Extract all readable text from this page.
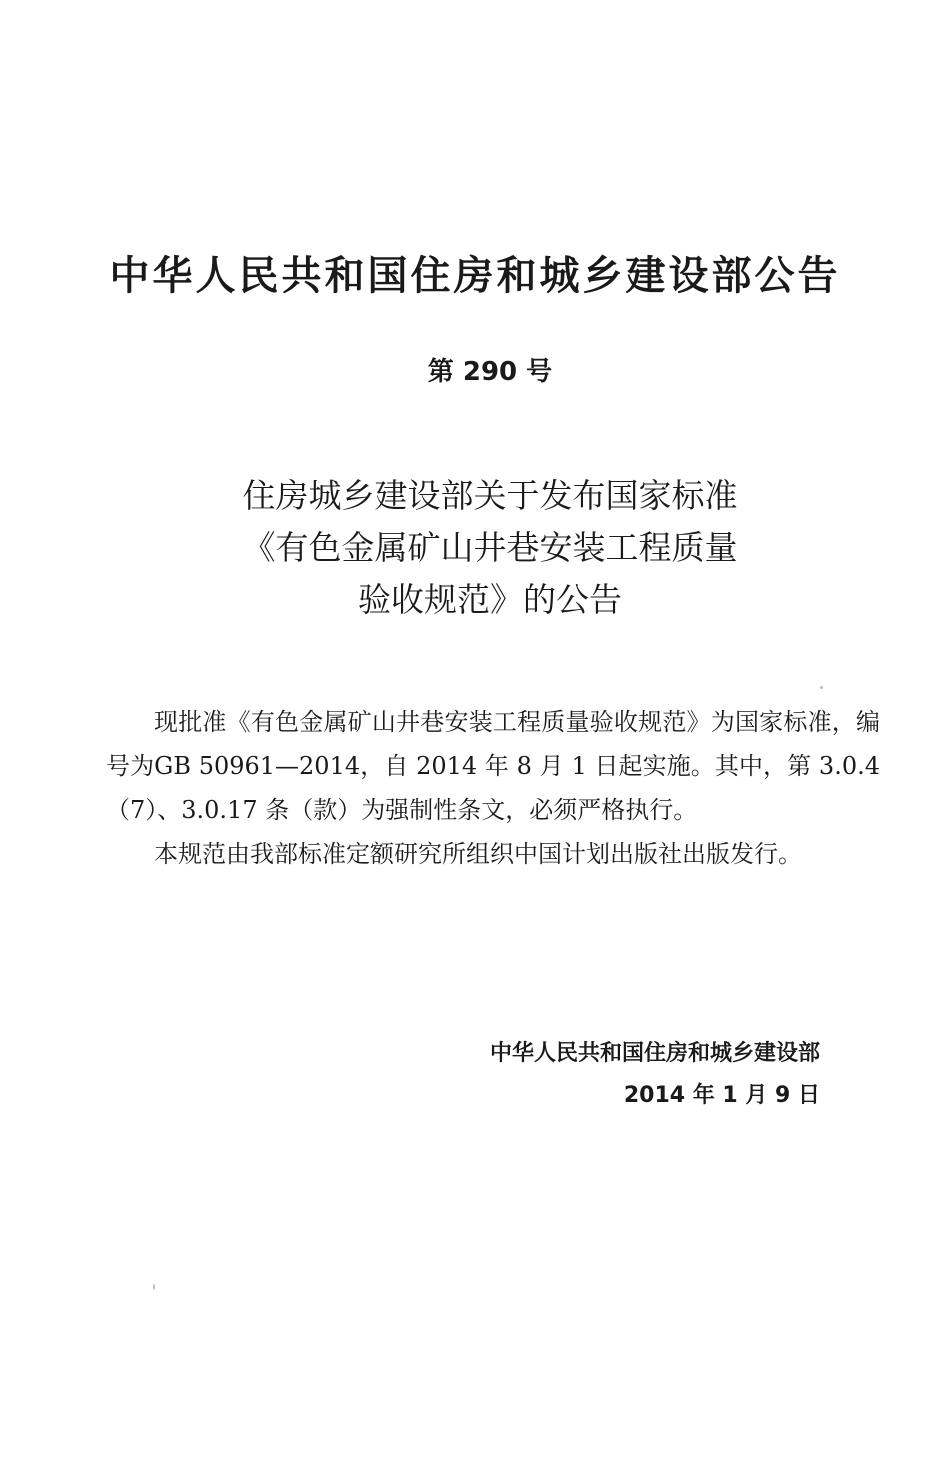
中华人民共和国住房和城乡建设部公告
第 290 号
住房城乡建设部关于发布国家标准
《有色金属矿山井巷安装工程质量
验收规范》的公告

现批准《有色金属矿山井巷安装工程质量验收规范》为国家标准，编号为GB 50961—2014，自 2014 年 8 月 1 日起实施。其中，第 3.0.4（7）、3.0.17 条（款）为强制性条文，必须严格执行。

本规范由我部标准定额研究所组织中国计划出版社出版发行。

中华人民共和国住房和城乡建设部
2014 年 1 月 9 日
